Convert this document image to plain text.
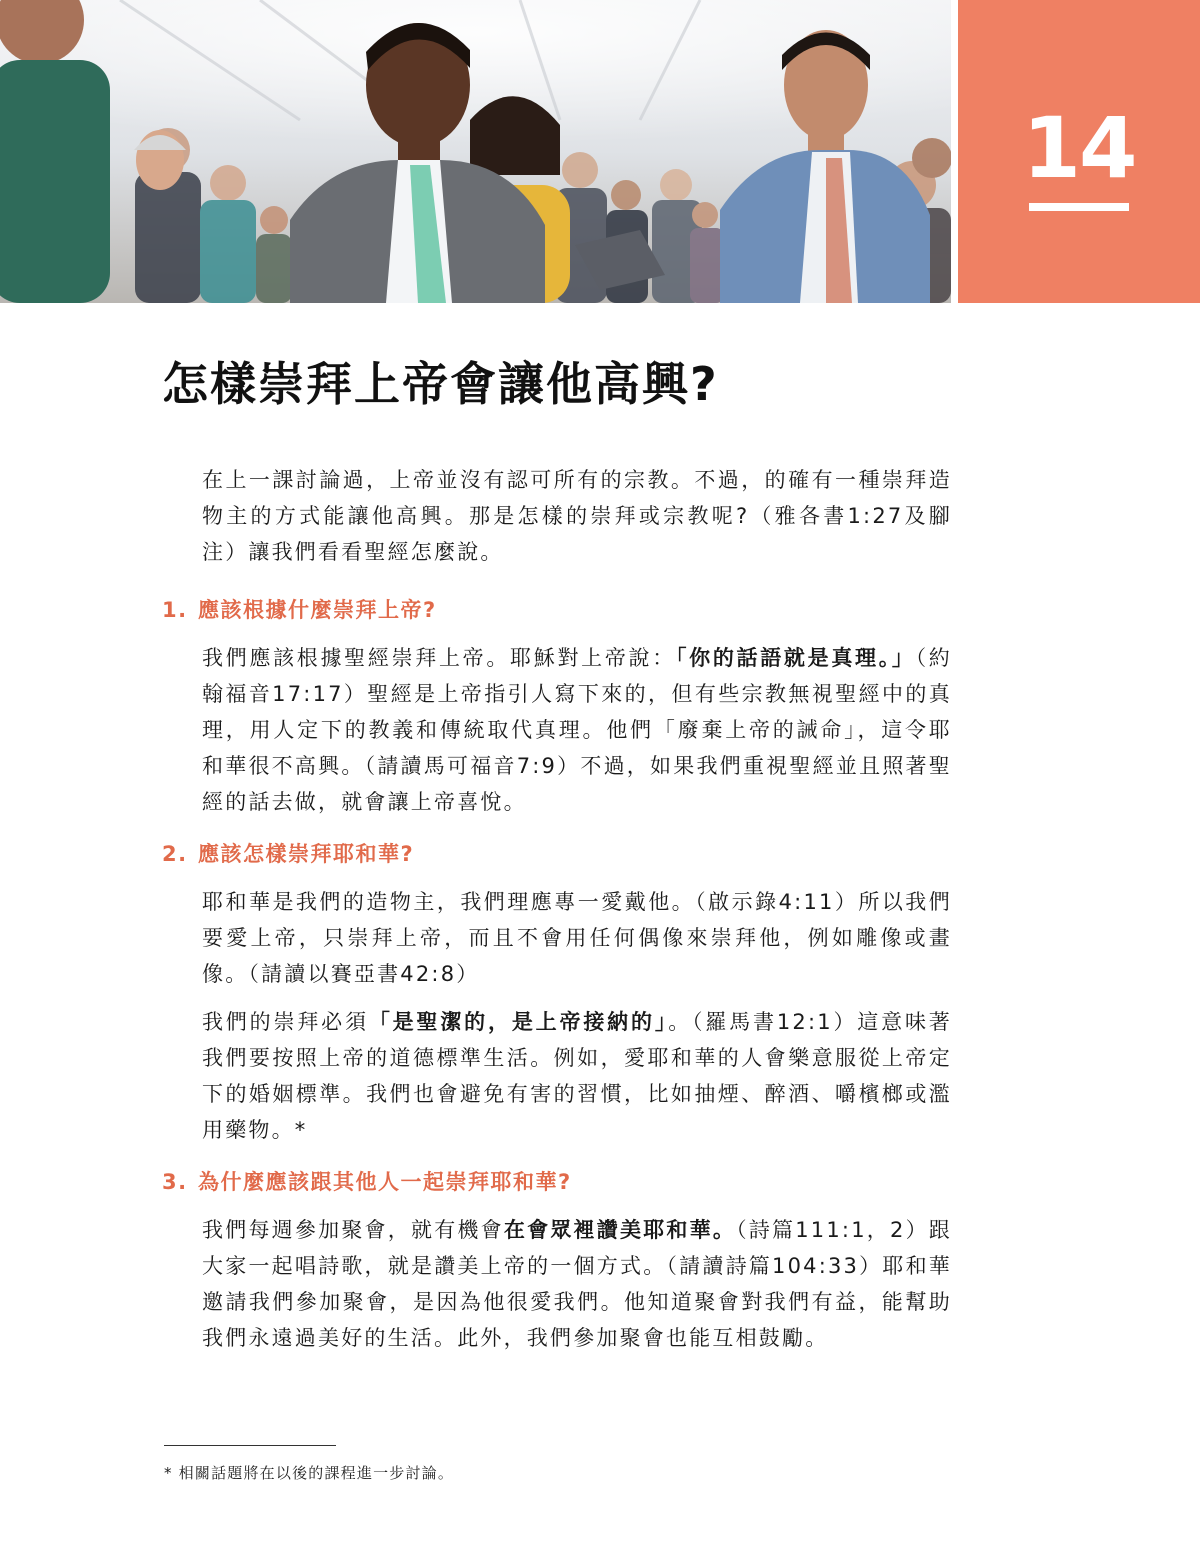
14
怎樣崇拜上帝會讓他高興?

在上一課討論過，上帝並沒有認可所有的宗教。不過，的確有一種崇拜造物主的方式能讓他高興。那是怎樣的崇拜或宗教呢?（雅各書1:27及腳注）讓我們看看聖經怎麼說。

1. 應該根據什麼崇拜上帝?

我們應該根據聖經崇拜上帝。耶穌對上帝說：「你的話語就是真理。」（約翰福音17:17）聖經是上帝指引人寫下來的，但有些宗教無視聖經中的真理，用人定下的教義和傳統取代真理。他們「廢棄上帝的誡命」，這令耶和華很不高興。（請讀馬可福音7:9）不過，如果我們重視聖經並且照著聖經的話去做，就會讓上帝喜悅。

2. 應該怎樣崇拜耶和華?

耶和華是我們的造物主，我們理應專一愛戴他。（啟示錄4:11）所以我們要愛上帝，只崇拜上帝，而且不會用任何偶像來崇拜他，例如雕像或畫像。（請讀以賽亞書42:8）

我們的崇拜必須「是聖潔的，是上帝接納的」。（羅馬書12:1）這意味著我們要按照上帝的道德標準生活。例如，愛耶和華的人會樂意服從上帝定下的婚姻標準。我們也會避免有害的習慣，比如抽煙、醉酒、嚼檳榔或濫用藥物。*

3. 為什麼應該跟其他人一起崇拜耶和華?

我們每週參加聚會，就有機會在會眾裡讚美耶和華。（詩篇111:1，2）跟大家一起唱詩歌，就是讚美上帝的一個方式。（請讀詩篇104:33）耶和華邀請我們參加聚會，是因為他很愛我們。他知道聚會對我們有益，能幫助我們永遠過美好的生活。此外，我們參加聚會也能互相鼓勵。

* 相關話題將在以後的課程進一步討論。
